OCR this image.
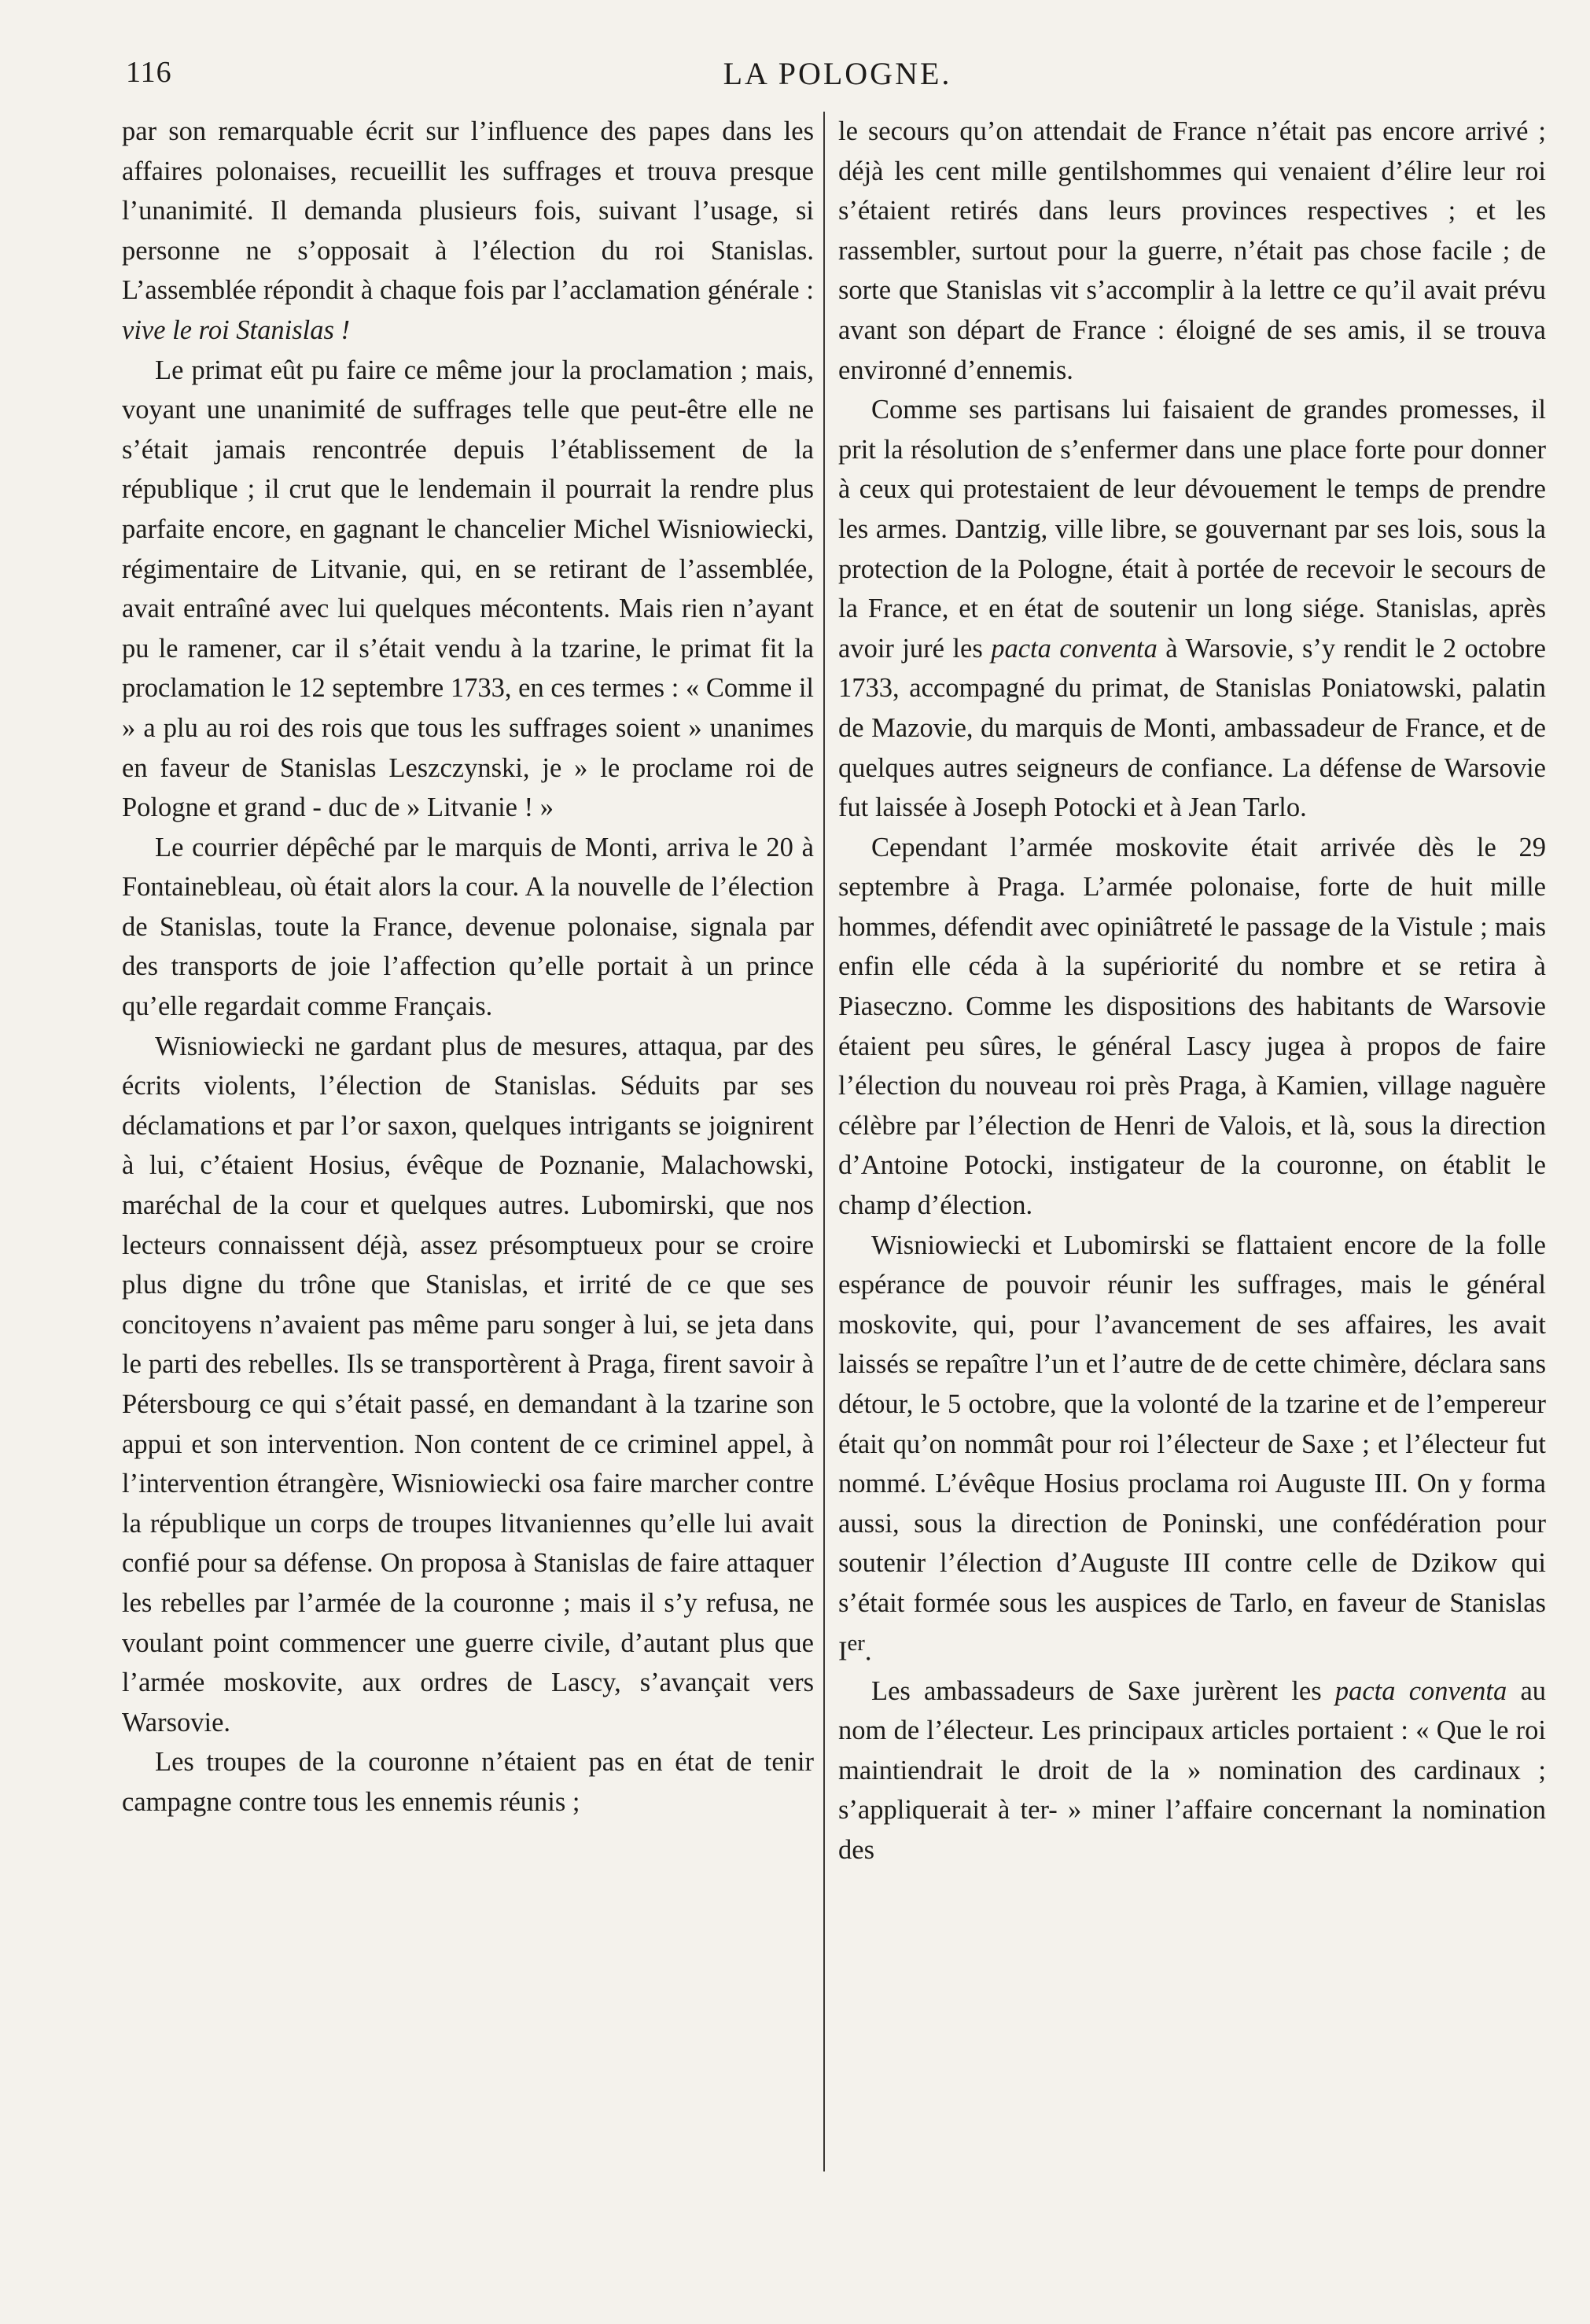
116	LA POLOGNE.

par son remarquable écrit sur l’influence des papes dans les affaires polonaises, recueillit les suffrages et trouva presque l’unanimité. Il demanda plusieurs fois, suivant l’usage, si personne ne s’opposait à l’élection du roi Stanislas. L’assemblée répondit à chaque fois par l’acclamation générale : vive le roi Stanislas !

Le primat eût pu faire ce même jour la proclamation ; mais, voyant une unanimité de suffrages telle que peut-être elle ne s’était jamais rencontrée depuis l’établissement de la république ; il crut que le lendemain il pourrait la rendre plus parfaite encore, en gagnant le chancelier Michel Wisniowiecki, régimentaire de Litvanie, qui, en se retirant de l’assemblée, avait entraîné avec lui quelques mécontents. Mais rien n’ayant pu le ramener, car il s’était vendu à la tzarine, le primat fit la proclamation le 12 septembre 1733, en ces termes : « Comme il » a plu au roi des rois que tous les suffrages soient » unanimes en faveur de Stanislas Leszczynski, je » le proclame roi de Pologne et grand - duc de » Litvanie ! »

Le courrier dépêché par le marquis de Monti, arriva le 20 à Fontainebleau, où était alors la cour. A la nouvelle de l’élection de Stanislas, toute la France, devenue polonaise, signala par des transports de joie l’affection qu’elle portait à un prince qu’elle regardait comme Français.

Wisniowiecki ne gardant plus de mesures, attaqua, par des écrits violents, l’élection de Stanislas. Séduits par ses déclamations et par l’or saxon, quelques intrigants se joignirent à lui, c’étaient Hosius, évêque de Poznanie, Malachowski, maréchal de la cour et quelques autres. Lubomirski, que nos lecteurs connaissent déjà, assez présomptueux pour se croire plus digne du trône que Stanislas, et irrité de ce que ses concitoyens n’avaient pas même paru songer à lui, se jeta dans le parti des rebelles. Ils se transportèrent à Praga, firent savoir à Pétersbourg ce qui s’était passé, en demandant à la tzarine son appui et son intervention. Non content de ce criminel appel, à l’intervention étrangère, Wisniowiecki osa faire marcher contre la république un corps de troupes litvaniennes qu’elle lui avait confié pour sa défense. On proposa à Stanislas de faire attaquer les rebelles par l’armée de la couronne ; mais il s’y refusa, ne voulant point commencer une guerre civile, d’autant plus que l’armée moskovite, aux ordres de Lascy, s’avançait vers Warsovie.

Les troupes de la couronne n’étaient pas en état de tenir campagne contre tous les ennemis réunis ;

le secours qu’on attendait de France n’était pas encore arrivé ; déjà les cent mille gentilshommes qui venaient d’élire leur roi s’étaient retirés dans leurs provinces respectives ; et les rassembler, surtout pour la guerre, n’était pas chose facile ; de sorte que Stanislas vit s’accomplir à la lettre ce qu’il avait prévu avant son départ de France : éloigné de ses amis, il se trouva environné d’ennemis.

Comme ses partisans lui faisaient de grandes promesses, il prit la résolution de s’enfermer dans une place forte pour donner à ceux qui protestaient de leur dévouement le temps de prendre les armes. Dantzig, ville libre, se gouvernant par ses lois, sous la protection de la Pologne, était à portée de recevoir le secours de la France, et en état de soutenir un long siége. Stanislas, après avoir juré les pacta conventa à Warsovie, s’y rendit le 2 octobre 1733, accompagné du primat, de Stanislas Poniatowski, palatin de Mazovie, du marquis de Monti, ambassadeur de France, et de quelques autres seigneurs de confiance. La défense de Warsovie fut laissée à Joseph Potocki et à Jean Tarlo.

Cependant l’armée moskovite était arrivée dès le 29 septembre à Praga. L’armée polonaise, forte de huit mille hommes, défendit avec opiniâtreté le passage de la Vistule ; mais enfin elle céda à la supériorité du nombre et se retira à Piaseczno. Comme les dispositions des habitants de Warsovie étaient peu sûres, le général Lascy jugea à propos de faire l’élection du nouveau roi près Praga, à Kamien, village naguère célèbre par l’élection de Henri de Valois, et là, sous la direction d’Antoine Potocki, instigateur de la couronne, on établit le champ d’élection.

Wisniowiecki et Lubomirski se flattaient encore de la folle espérance de pouvoir réunir les suffrages, mais le général moskovite, qui, pour l’avancement de ses affaires, les avait laissés se repaître l’un et l’autre de de cette chimère, déclara sans détour, le 5 octobre, que la volonté de la tzarine et de l’empereur était qu’on nommât pour roi l’électeur de Saxe ; et l’électeur fut nommé. L’évêque Hosius proclama roi Auguste III. On y forma aussi, sous la direction de Poninski, une confédération pour soutenir l’élection d’Auguste III contre celle de Dzikow qui s’était formée sous les auspices de Tarlo, en faveur de Stanislas Ier.

Les ambassadeurs de Saxe jurèrent les pacta conventa au nom de l’électeur. Les principaux articles portaient : « Que le roi maintiendrait le droit de la » nomination des cardinaux ; s’appliquerait à ter- » miner l’affaire concernant la nomination des
